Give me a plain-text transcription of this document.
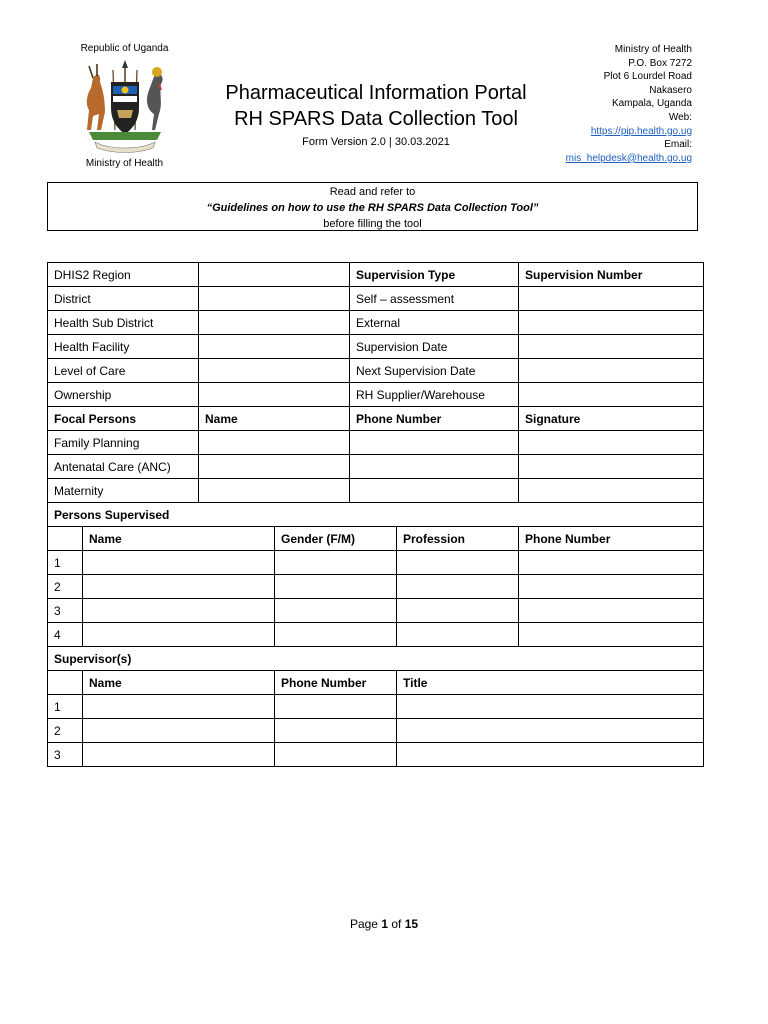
Republic of Uganda
Ministry of Health
Pharmaceutical Information Portal
RH SPARS Data Collection Tool
Form Version 2.0 | 30.03.2021
Ministry of Health
P.O. Box 7272
Plot 6 Lourdel Road
Nakasero
Kampala, Uganda
Web:
https://pip.health.go.ug
Email:
mis_helpdesk@health.go.ug
Read and refer to
“Guidelines on how to use the RH SPARS Data Collection Tool”
before filling the tool
DHIS2 Region				Supervision Type		Supervision Number
District				Self – assessment		
Health Sub District				External		
Health Facility				Supervision Date		
Level of Care				Next Supervision Date		
Ownership				RH Supplier/Warehouse		
Focal Persons		Name		Phone Number		Signature
Family Planning						
Antenatal Care (ANC)						
Maternity						
Persons Supervised						
	Name		Gender (F/M)		Profession	Phone Number
1						
2						
3						
4						
Supervisor(s)						
	Name		Phone Number		Title	
1						
2						
3						
Page 1 of 15
